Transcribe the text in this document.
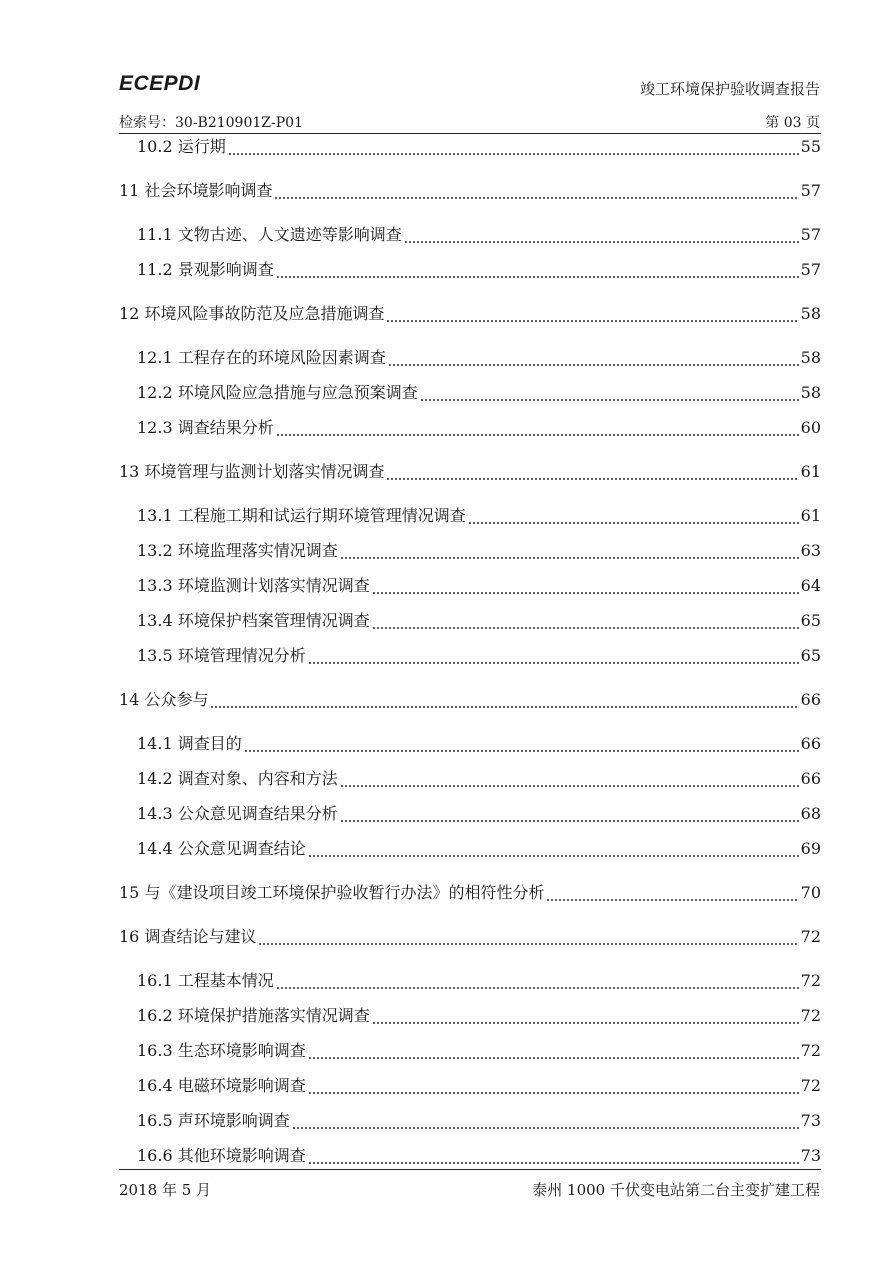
ECEPDI	竣工环境保护验收调查报告
检索号：30-B210901Z-P01	第 03 页
10.2 运行期	55
11 社会环境影响调查	57
11.1 文物古迹、人文遗迹等影响调查	57
11.2 景观影响调查	57
12 环境风险事故防范及应急措施调查	58
12.1 工程存在的环境风险因素调查	58
12.2 环境风险应急措施与应急预案调查	58
12.3 调查结果分析	60
13 环境管理与监测计划落实情况调查	61
13.1 工程施工期和试运行期环境管理情况调查	61
13.2 环境监理落实情况调查	63
13.3 环境监测计划落实情况调查	64
13.4 环境保护档案管理情况调查	65
13.5 环境管理情况分析	65
14 公众参与	66
14.1 调查目的	66
14.2 调查对象、内容和方法	66
14.3 公众意见调查结果分析	68
14.4 公众意见调查结论	69
15 与《建设项目竣工环境保护验收暂行办法》的相符性分析	70
16 调查结论与建议	72
16.1 工程基本情况	72
16.2 环境保护措施落实情况调查	72
16.3 生态环境影响调查	72
16.4 电磁环境影响调查	72
16.5 声环境影响调查	73
16.6 其他环境影响调查	73
2018 年 5 月	泰州 1000 千伏变电站第二台主变扩建工程
